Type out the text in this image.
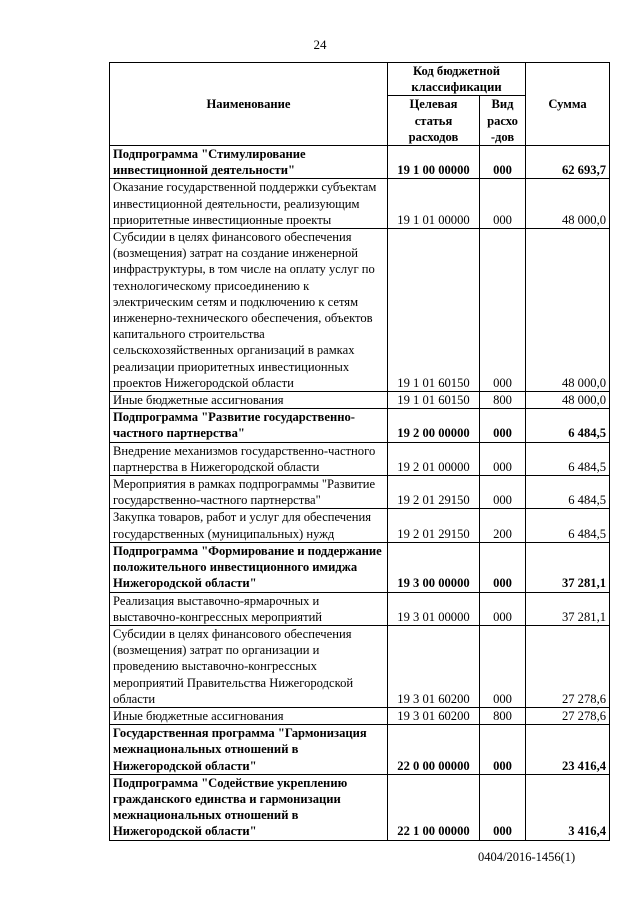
24
Наименование	Код бюджетной классификации		Сумма
	Целевая статья расходов	Вид расхо -дов	
Подпрограмма "Стимулирование инвестиционной деятельности"	19 1 00 00000	000	62 693,7
Оказание государственной поддержки субъектам инвестиционной деятельности, реализующим приоритетные инвестиционные проекты	19 1 01 00000	000	48 000,0
Субсидии в целях финансового обеспечения (возмещения) затрат на создание инженерной инфраструктуры, в том числе на оплату услуг по технологическому присоединению к электрическим сетям и подключению к сетям инженерно-технического обеспечения, объектов капитального строительства сельскохозяйственных организаций в рамках реализации приоритетных инвестиционных проектов Нижегородской области	19 1 01 60150	000	48 000,0
Иные бюджетные ассигнования	19 1 01 60150	800	48 000,0
Подпрограмма "Развитие государственно-частного партнерства"	19 2 00 00000	000	6 484,5
Внедрение механизмов государственно-частного партнерства в Нижегородской области	19 2 01 00000	000	6 484,5
Мероприятия в рамках подпрограммы "Развитие государственно-частного партнерства"	19 2 01 29150	000	6 484,5
Закупка товаров, работ и услуг для обеспечения государственных (муниципальных) нужд	19 2 01 29150	200	6 484,5
Подпрограмма "Формирование и поддержание положительного инвестиционного имиджа Нижегородской области"	19 3 00 00000	000	37 281,1
Реализация выставочно-ярмарочных и выставочно-конгрессных мероприятий	19 3 01 00000	000	37 281,1
Субсидии в целях финансового обеспечения (возмещения) затрат по организации и проведению выставочно-конгрессных мероприятий Правительства Нижегородской области	19 3 01 60200	000	27 278,6
Иные бюджетные ассигнования	19 3 01 60200	800	27 278,6
Государственная программа "Гармонизация межнациональных отношений в Нижегородской области"	22 0 00 00000	000	23 416,4
Подпрограмма "Содействие укреплению гражданского единства и гармонизации межнациональных отношений в Нижегородской области"	22 1 00 00000	000	3 416,4
0404/2016-1456(1)
